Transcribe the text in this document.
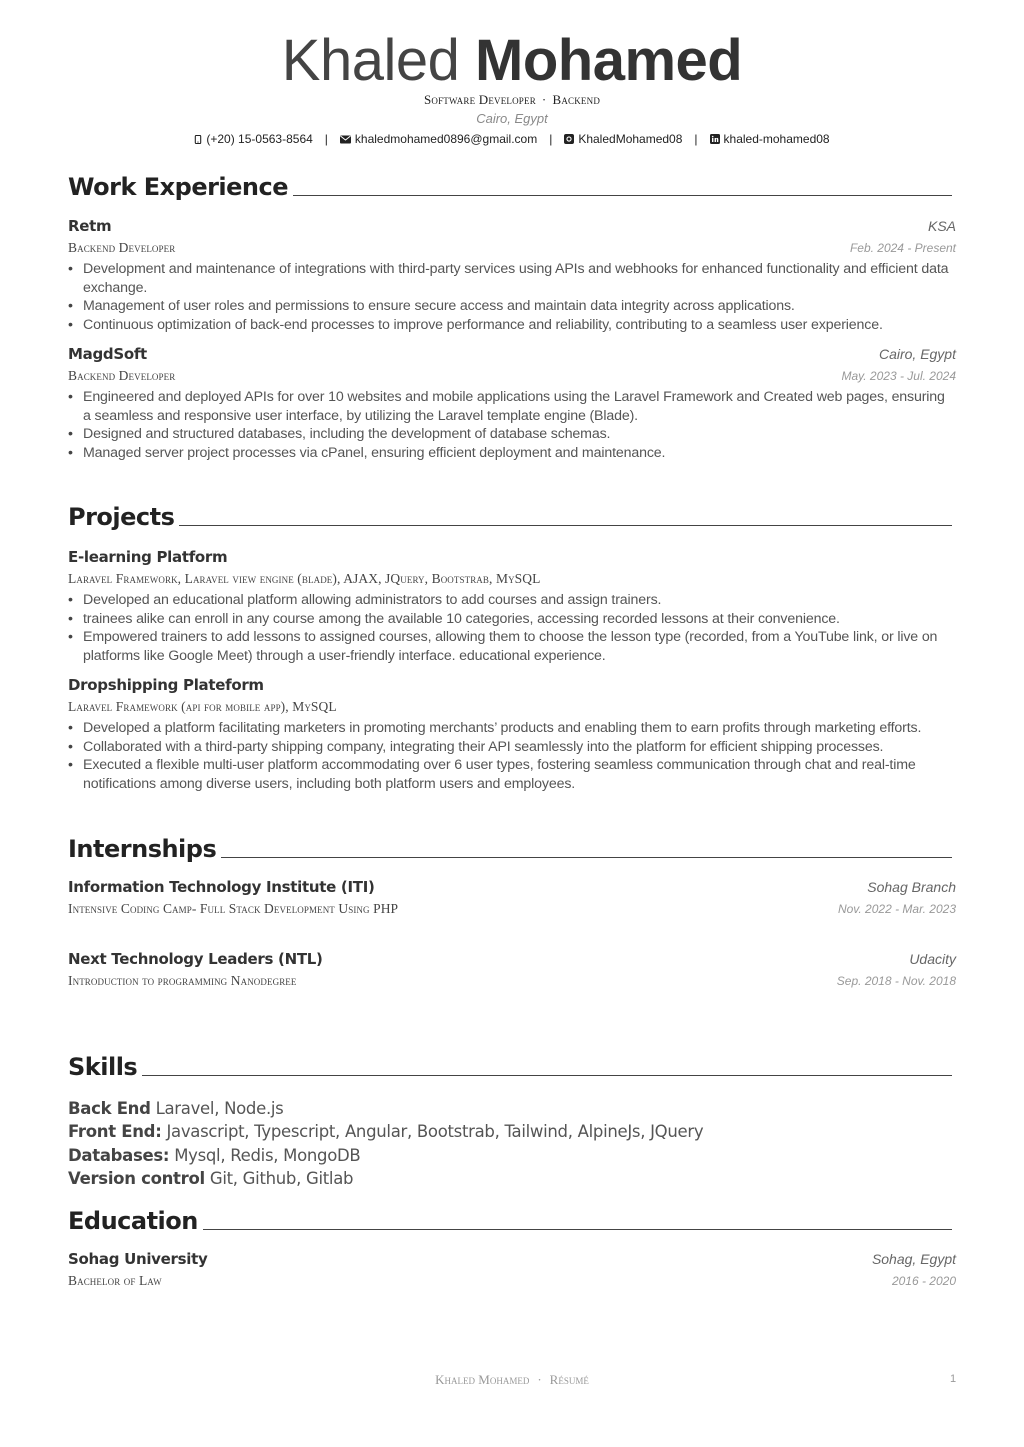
Khaled Mohamed
Software Developer · Backend
Cairo, Egypt
(+20) 15-0563-8564 | khaledmohamed0896@gmail.com | KhaledMohamed08 | khaled-mohamed08
Work Experience
Retm	KSA
Backend Developer	Feb. 2024 - Present
• Development and maintenance of integrations with third-party services using APIs and webhooks for enhanced functionality and efficient data exchange.
• Management of user roles and permissions to ensure secure access and maintain data integrity across applications.
• Continuous optimization of back-end processes to improve performance and reliability, contributing to a seamless user experience.
MagdSoft	Cairo, Egypt
Backend Developer	May. 2023 - Jul. 2024
• Engineered and deployed APIs for over 10 websites and mobile applications using the Laravel Framework and Created web pages, ensuring a seamless and responsive user interface, by utilizing the Laravel template engine (Blade).
• Designed and structured databases, including the development of database schemas.
• Managed server project processes via cPanel, ensuring efficient deployment and maintenance.
Projects
E-learning Platform
Laravel Framework, Laravel view engine (blade), AJAX, JQuery, Bootstrab, MySQL
• Developed an educational platform allowing administrators to add courses and assign trainers.
• trainees alike can enroll in any course among the available 10 categories, accessing recorded lessons at their convenience.
• Empowered trainers to add lessons to assigned courses, allowing them to choose the lesson type (recorded, from a YouTube link, or live on platforms like Google Meet) through a user-friendly interface. educational experience.
Dropshipping Plateform
Laravel Framework (api for mobile app), MySQL
• Developed a platform facilitating marketers in promoting merchants’ products and enabling them to earn profits through marketing efforts.
• Collaborated with a third-party shipping company, integrating their API seamlessly into the platform for efficient shipping processes.
• Executed a flexible multi-user platform accommodating over 6 user types, fostering seamless communication through chat and real-time notifications among diverse users, including both platform users and employees.
Internships
Information Technology Institute (ITI)	Sohag Branch
Intensive Coding Camp- Full Stack Development Using PHP	Nov. 2022 - Mar. 2023
Next Technology Leaders (NTL)	Udacity
Introduction to programming Nanodegree	Sep. 2018 - Nov. 2018
Skills
Back End Laravel, Node.js
Front End: Javascript, Typescript, Angular, Bootstrab, Tailwind, AlpineJs, JQuery
Databases: Mysql, Redis, MongoDB
Version control Git, Github, Gitlab
Education
Sohag University	Sohag, Egypt
Bachelor of Law	2016 - 2020
Khaled Mohamed · Résumé	1
